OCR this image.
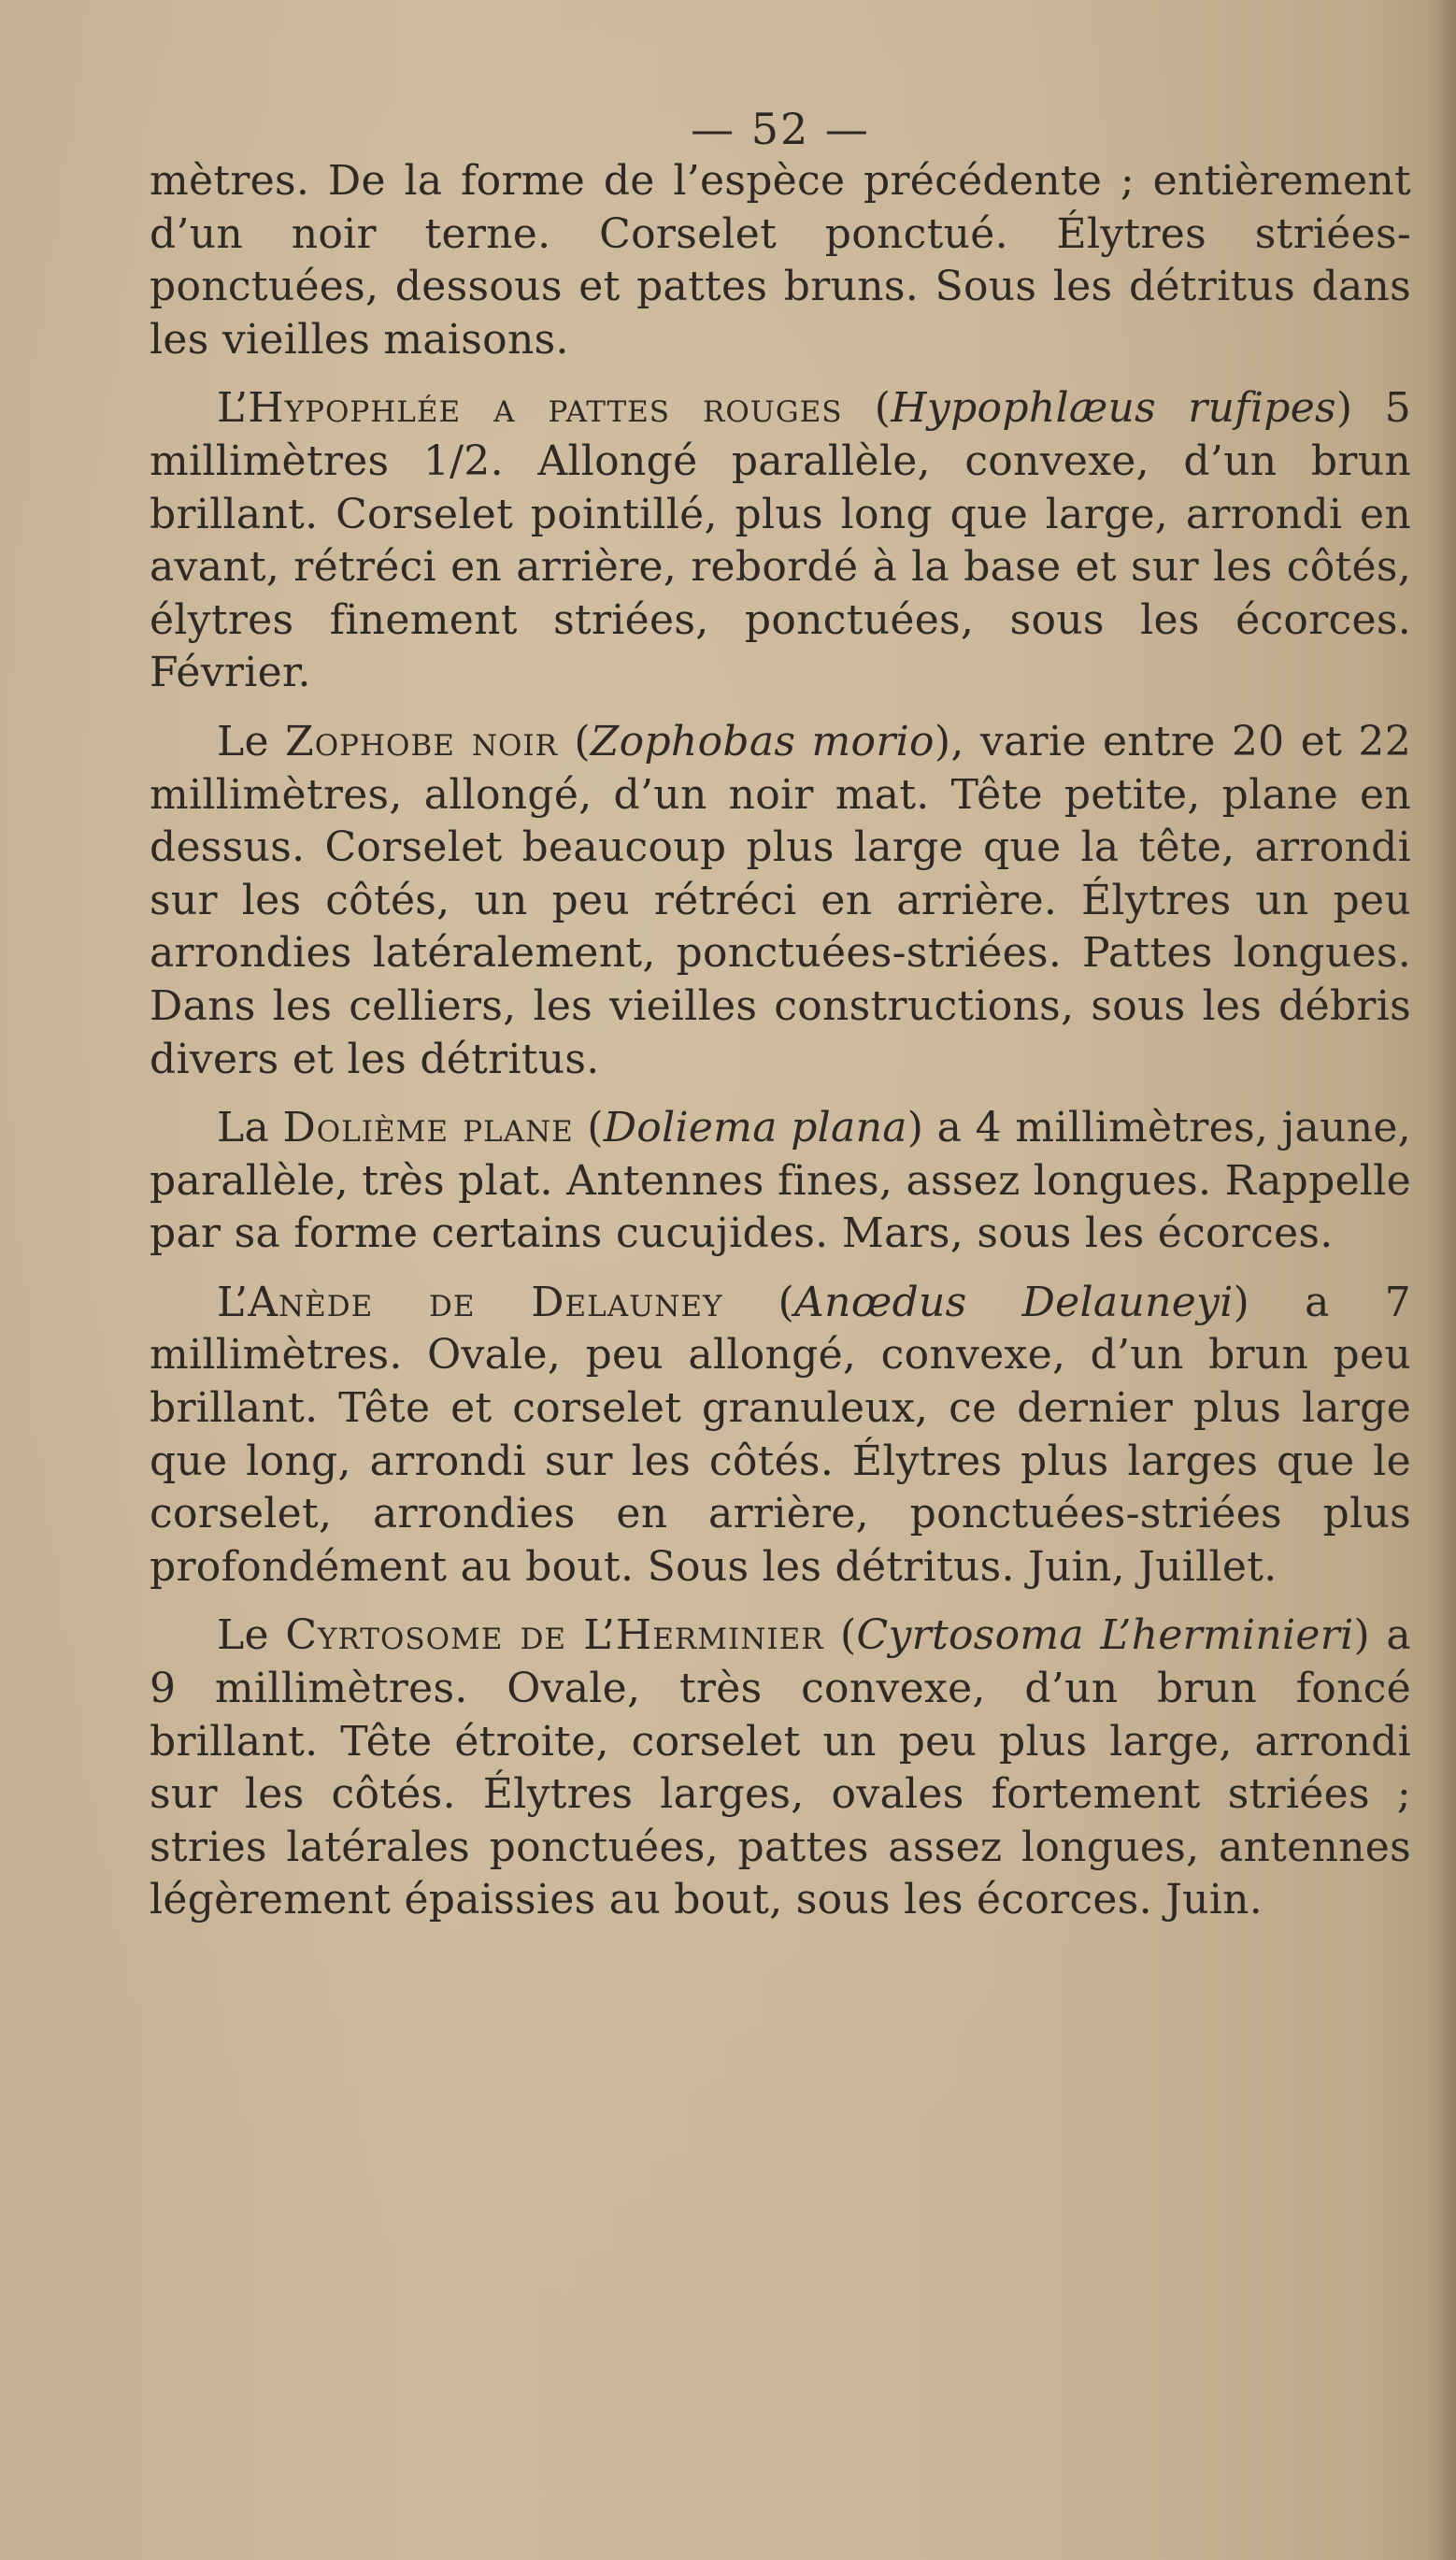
— 52 —

mètres. De la forme de l’espèce précédente ; entièrement d’un noir terne. Corselet ponctué. Élytres striées-ponctuées, dessous et pattes bruns. Sous les détritus dans les vieilles maisons.

L’Hypophlée a pattes rouges (Hypophlæus rufipes) 5 millimètres 1/2. Allongé parallèle, convexe, d’un brun brillant. Corselet pointillé, plus long que large, arrondi en avant, rétréci en arrière, rebordé à la base et sur les côtés, élytres finement striées, ponctuées, sous les écorces. Février.

Le Zophobe noir (Zophobas morio), varie entre 20 et 22 millimètres, allongé, d’un noir mat. Tête petite, plane en dessus. Corselet beaucoup plus large que la tête, arrondi sur les côtés, un peu rétréci en arrière. Élytres un peu arrondies latéralement, ponctuées-striées. Pattes longues. Dans les celliers, les vieilles constructions, sous les débris divers et les détritus.

La Dolième plane (Doliema plana) a 4 millimètres, jaune, parallèle, très plat. Antennes fines, assez longues. Rappelle par sa forme certains cucujides. Mars, sous les écorces.

L’Anède de Delauney (Anœdus Delauneyi) a 7 millimètres. Ovale, peu allongé, convexe, d’un brun peu brillant. Tête et corselet granuleux, ce dernier plus large que long, arrondi sur les côtés. Élytres plus larges que le corselet, arrondies en arrière, ponctuées-striées plus profondément au bout. Sous les détritus. Juin, Juillet.

Le Cyrtosome de L’Herminier (Cyrtosoma L’herminieri) a 9 millimètres. Ovale, très convexe, d’un brun foncé brillant. Tête étroite, corselet un peu plus large, arrondi sur les côtés. Élytres larges, ovales fortement striées ; stries latérales ponctuées, pattes assez longues, antennes légèrement épaissies au bout, sous les écorces. Juin.
